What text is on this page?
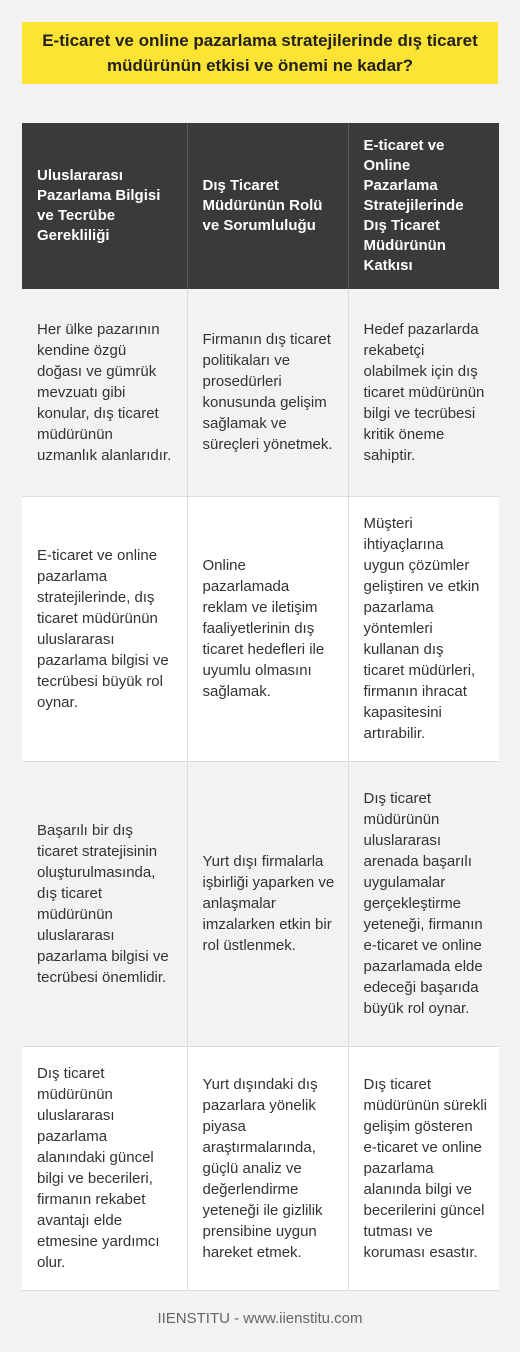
E-ticaret ve online pazarlama stratejilerinde dış ticaret müdürünün etkisi ve önemi ne kadar?
Uluslararası Pazarlama Bilgisi ve Tecrübe Gerekliliği	Dış Ticaret Müdürünün Rolü ve Sorumluluğu	E-ticaret ve Online Pazarlama Stratejilerinde Dış Ticaret Müdürünün Katkısı
Her ülke pazarının kendine özgü doğası ve gümrük mevzuatı gibi konular, dış ticaret müdürünün uzmanlık alanlarıdır.	Firmanın dış ticaret politikaları ve prosedürleri konusunda gelişim sağlamak ve süreçleri yönetmek.	Hedef pazarlarda rekabetçi olabilmek için dış ticaret müdürünün bilgi ve tecrübesi kritik öneme sahiptir.
E-ticaret ve online pazarlama stratejilerinde, dış ticaret müdürünün uluslararası pazarlama bilgisi ve tecrübesi büyük rol oynar.	Online pazarlamada reklam ve iletişim faaliyetlerinin dış ticaret hedefleri ile uyumlu olmasını sağlamak.	Müşteri ihtiyaçlarına uygun çözümler geliştiren ve etkin pazarlama yöntemleri kullanan dış ticaret müdürleri, firmanın ihracat kapasitesini artırabilir.
Başarılı bir dış ticaret stratejisinin oluşturulmasında, dış ticaret müdürünün uluslararası pazarlama bilgisi ve tecrübesi önemlidir.	Yurt dışı firmalarla işbirliği yaparken ve anlaşmalar imzalarken etkin bir rol üstlenmek.	Dış ticaret müdürünün uluslararası arenada başarılı uygulamalar gerçekleştirme yeteneği, firmanın e-ticaret ve online pazarlamada elde edeceği başarıda büyük rol oynar.
Dış ticaret müdürünün uluslararası pazarlama alanındaki güncel bilgi ve becerileri, firmanın rekabet avantajı elde etmesine yardımcı olur.	Yurt dışındaki dış pazarlara yönelik piyasa araştırmalarında, güçlü analiz ve değerlendirme yeteneği ile gizlilik prensibine uygun hareket etmek.	Dış ticaret müdürünün sürekli gelişim gösteren e-ticaret ve online pazarlama alanında bilgi ve becerilerini güncel tutması ve koruması esastır.
IIENSTITU - www.iienstitu.com
